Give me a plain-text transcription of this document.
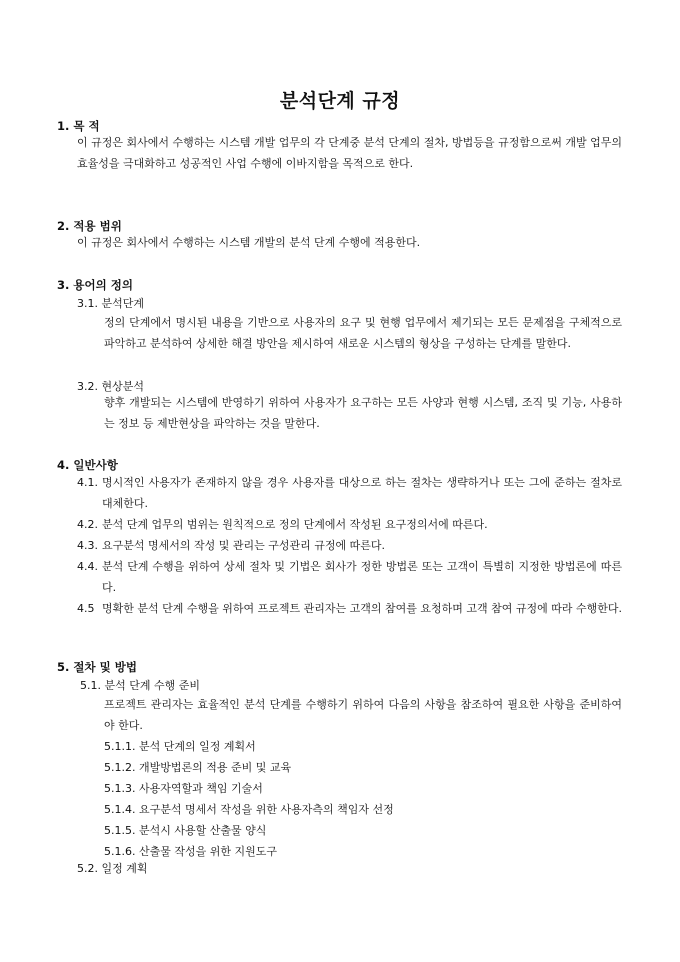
분석단계 규정

1. 목 적

이 규정은 회사에서 수행하는 시스템 개발 업무의 각 단계중 분석 단계의 절차, 방법등을 규정함으로써 개발 업무의 효율성을 극대화하고 성공적인 사업 수행에 이바지함을 목적으로 한다.

2. 적용 범위

이 규정은 회사에서 수행하는 시스템 개발의 분석 단계 수행에 적용한다.

3. 용어의 정의

3.1. 분석단계

정의 단계에서 명시된 내용을 기반으로 사용자의 요구 및 현행 업무에서 제기되는 모든 문제점을 구체적으로 파악하고 분석하여 상세한 해결 방안을 제시하여 새로운 시스템의 형상을 구성하는 단계를 말한다.

3.2. 현상분석

향후 개발되는 시스템에 반영하기 위하여 사용자가 요구하는 모든 사양과 현행 시스템, 조직 및 기능, 사용하는 정보 등 제반현상을 파악하는 것을 말한다.

4. 일반사항

4.1. 명시적인 사용자가 존재하지 않을 경우 사용자를 대상으로 하는 절차는 생략하거나 또는 그에 준하는 절차로 대체한다.
4.2. 분석 단계 업무의 범위는 원칙적으로 정의 단계에서 작성된 요구정의서에 따른다.
4.3. 요구분석 명세서의 작성 및 관리는 구성관리 규정에 따른다.
4.4. 분석 단계 수행을 위하여 상세 절차 및 기법은 회사가 정한 방법론 또는 고객이 특별히 지정한 방법론에 따른다.
4.5 명확한 분석 단계 수행을 위하여 프로젝트 관리자는 고객의 참여를 요청하며 고객 참여 규정에 따라 수행한다.

5. 절차 및 방법

5.1. 분석 단계 수행 준비

프로젝트 관리자는 효율적인 분석 단계를 수행하기 위하여 다음의 사항을 참조하여 필요한 사항을 준비하여야 한다.

5.1.1. 분석 단계의 일정 계획서

5.1.2. 개발방법론의 적용 준비 및 교육

5.1.3. 사용자역할과 책임 기술서

5.1.4. 요구분석 명세서 작성을 위한 사용자측의 책임자 선정

5.1.5. 분석시 사용할 산출물 양식

5.1.6. 산출물 작성을 위한 지원도구

5.2. 일정 계획
